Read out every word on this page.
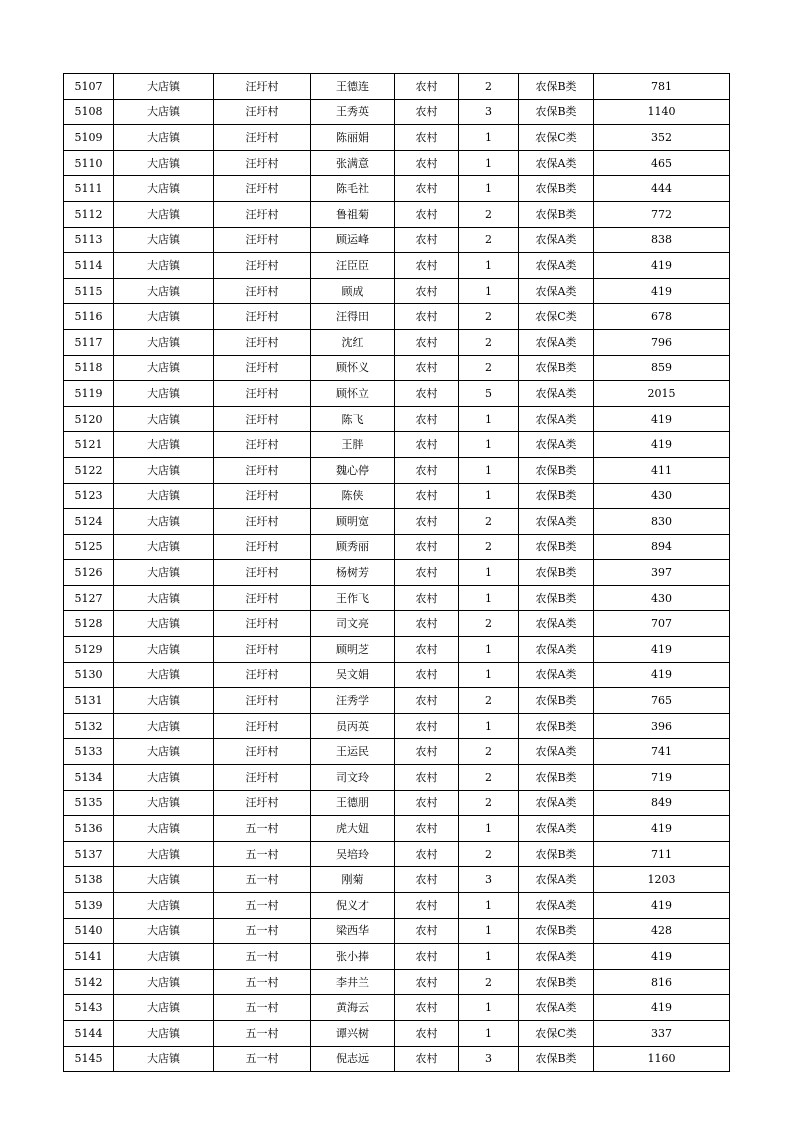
5107	大店镇	汪圩村	王德连	农村	2	农保B类	781
5108	大店镇	汪圩村	王秀英	农村	3	农保B类	1140
5109	大店镇	汪圩村	陈丽娟	农村	1	农保C类	352
5110	大店镇	汪圩村	张满意	农村	1	农保A类	465
5111	大店镇	汪圩村	陈毛社	农村	1	农保B类	444
5112	大店镇	汪圩村	鲁祖菊	农村	2	农保B类	772
5113	大店镇	汪圩村	顾运峰	农村	2	农保A类	838
5114	大店镇	汪圩村	汪臣臣	农村	1	农保A类	419
5115	大店镇	汪圩村	顾成	农村	1	农保A类	419
5116	大店镇	汪圩村	汪得田	农村	2	农保C类	678
5117	大店镇	汪圩村	沈红	农村	2	农保A类	796
5118	大店镇	汪圩村	顾怀义	农村	2	农保B类	859
5119	大店镇	汪圩村	顾怀立	农村	5	农保A类	2015
5120	大店镇	汪圩村	陈飞	农村	1	农保A类	419
5121	大店镇	汪圩村	王胖	农村	1	农保A类	419
5122	大店镇	汪圩村	魏心停	农村	1	农保B类	411
5123	大店镇	汪圩村	陈侠	农村	1	农保B类	430
5124	大店镇	汪圩村	顾明宽	农村	2	农保A类	830
5125	大店镇	汪圩村	顾秀丽	农村	2	农保B类	894
5126	大店镇	汪圩村	杨树芳	农村	1	农保B类	397
5127	大店镇	汪圩村	王作飞	农村	1	农保B类	430
5128	大店镇	汪圩村	司文亮	农村	2	农保A类	707
5129	大店镇	汪圩村	顾明芝	农村	1	农保A类	419
5130	大店镇	汪圩村	吴文娟	农村	1	农保A类	419
5131	大店镇	汪圩村	汪秀学	农村	2	农保B类	765
5132	大店镇	汪圩村	员丙英	农村	1	农保B类	396
5133	大店镇	汪圩村	王运民	农村	2	农保A类	741
5134	大店镇	汪圩村	司文玲	农村	2	农保B类	719
5135	大店镇	汪圩村	王德朋	农村	2	农保A类	849
5136	大店镇	五一村	虎大妞	农村	1	农保A类	419
5137	大店镇	五一村	吴培玲	农村	2	农保B类	711
5138	大店镇	五一村	刚菊	农村	3	农保A类	1203
5139	大店镇	五一村	倪义才	农村	1	农保A类	419
5140	大店镇	五一村	梁西华	农村	1	农保B类	428
5141	大店镇	五一村	张小捧	农村	1	农保A类	419
5142	大店镇	五一村	李井兰	农村	2	农保B类	816
5143	大店镇	五一村	黄海云	农村	1	农保A类	419
5144	大店镇	五一村	谭兴树	农村	1	农保C类	337
5145	大店镇	五一村	倪志远	农村	3	农保B类	1160
